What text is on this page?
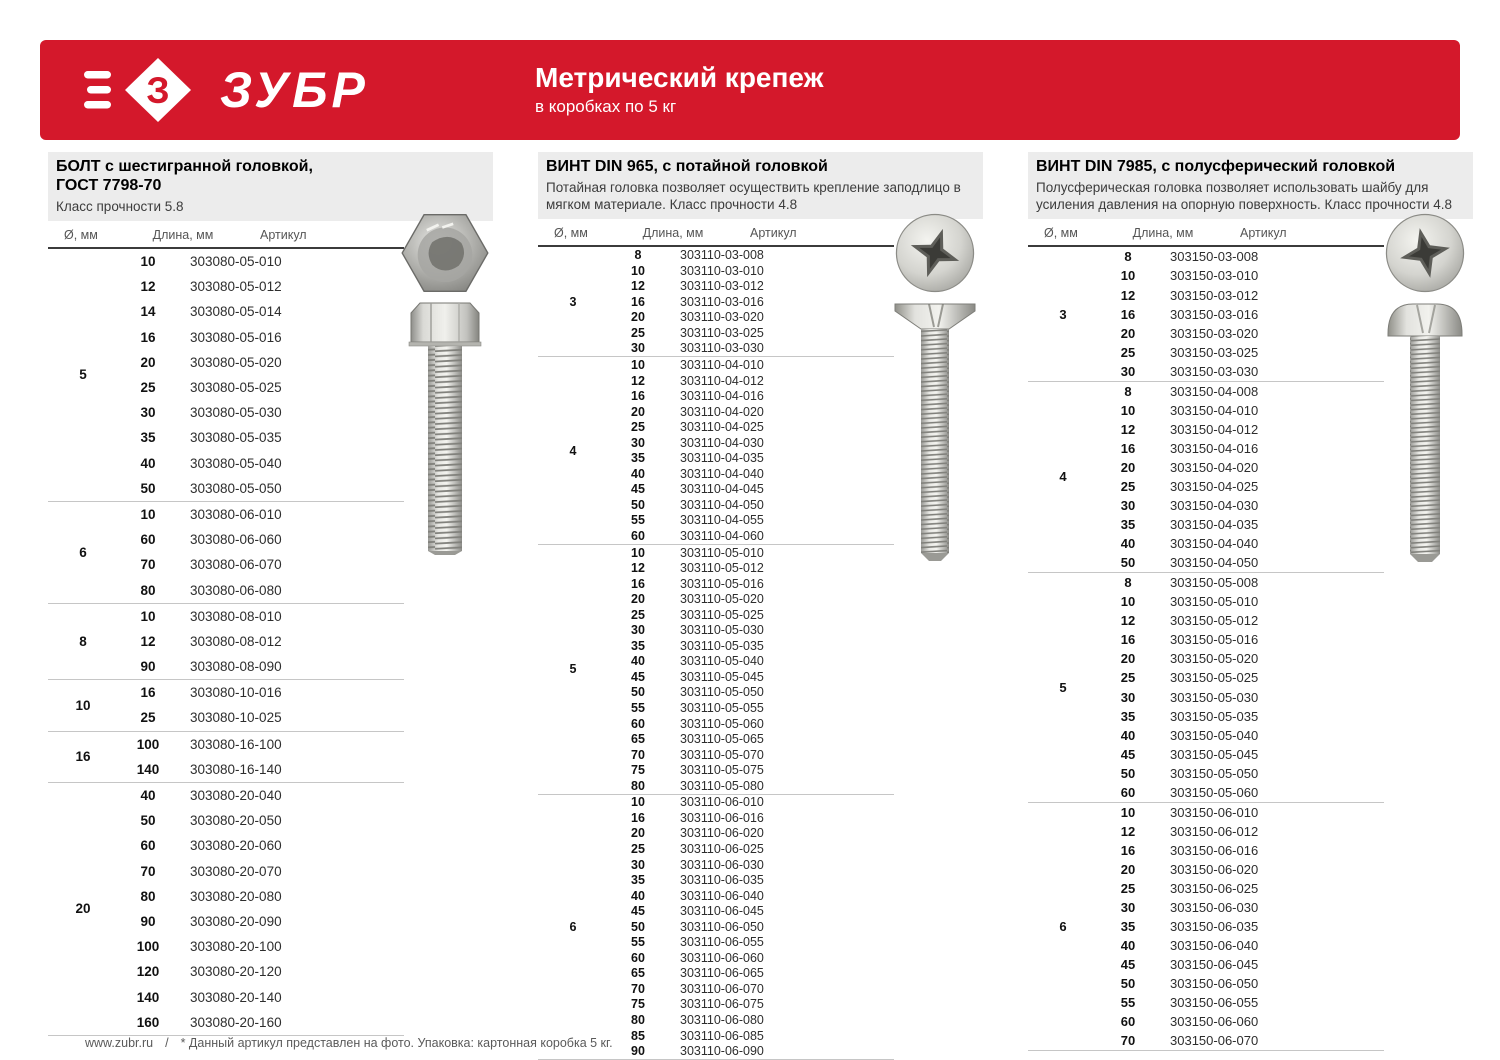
З ЗУБР	Метрический крепеж
в коробках по 5 кг
БОЛТ с шестигранной головкой,
ГОСТ 7798-70

Класс прочности 5.8

Ø, мм	Длина, мм	Артикул
5
10	303080-05-010
12	303080-05-012
14	303080-05-014
16	303080-05-016
20	303080-05-020
25	303080-05-025
30	303080-05-030
35	303080-05-035
40	303080-05-040
50	303080-05-050
6
10	303080-06-010
60	303080-06-060
70	303080-06-070
80	303080-06-080
8
10	303080-08-010
12	303080-08-012
90	303080-08-090
10
16	303080-10-016
25	303080-10-025
16
100	303080-16-100
140	303080-16-140
20
40	303080-20-040
50	303080-20-050
60	303080-20-060
70	303080-20-070
80	303080-20-080
90	303080-20-090
100	303080-20-100
120	303080-20-120
140	303080-20-140
160	303080-20-160
ВИНТ DIN 965, с потайной головкой

Потайная головка позволяет осуществить крепление заподлицо в мягком материале. Класс прочности 4.8

Ø, мм	Длина, мм	Артикул
3
8	303110-03-008
10	303110-03-010
12	303110-03-012
16	303110-03-016
20	303110-03-020
25	303110-03-025
30	303110-03-030
4
10	303110-04-010
12	303110-04-012
16	303110-04-016
20	303110-04-020
25	303110-04-025
30	303110-04-030
35	303110-04-035
40	303110-04-040
45	303110-04-045
50	303110-04-050
55	303110-04-055
60	303110-04-060
5
10	303110-05-010
12	303110-05-012
16	303110-05-016
20	303110-05-020
25	303110-05-025
30	303110-05-030
35	303110-05-035
40	303110-05-040
45	303110-05-045
50	303110-05-050
55	303110-05-055
60	303110-05-060
65	303110-05-065
70	303110-05-070
75	303110-05-075
80	303110-05-080
6
10	303110-06-010
16	303110-06-016
20	303110-06-020
25	303110-06-025
30	303110-06-030
35	303110-06-035
40	303110-06-040
45	303110-06-045
50	303110-06-050
55	303110-06-055
60	303110-06-060
65	303110-06-065
70	303110-06-070
75	303110-06-075
80	303110-06-080
85	303110-06-085
90	303110-06-090
ВИНТ DIN 7985, с полусферический головкой

Полусферическая головка позволяет использовать шайбу для усиления давления на опорную поверхность. Класс прочности 4.8

Ø, мм	Длина, мм	Артикул
3
8	303150-03-008
10	303150-03-010
12	303150-03-012
16	303150-03-016
20	303150-03-020
25	303150-03-025
30	303150-03-030
4
8	303150-04-008
10	303150-04-010
12	303150-04-012
16	303150-04-016
20	303150-04-020
25	303150-04-025
30	303150-04-030
35	303150-04-035
40	303150-04-040
50	303150-04-050
5
8	303150-05-008
10	303150-05-010
12	303150-05-012
16	303150-05-016
20	303150-05-020
25	303150-05-025
30	303150-05-030
35	303150-05-035
40	303150-05-040
45	303150-05-045
50	303150-05-050
60	303150-05-060
6
10	303150-06-010
12	303150-06-012
16	303150-06-016
20	303150-06-020
25	303150-06-025
30	303150-06-030
35	303150-06-035
40	303150-06-040
45	303150-06-045
50	303150-06-050
55	303150-06-055
60	303150-06-060
70	303150-06-070
www.zubr.ru / * Данный артикул представлен на фото. Упаковка: картонная коробка 5 кг.
